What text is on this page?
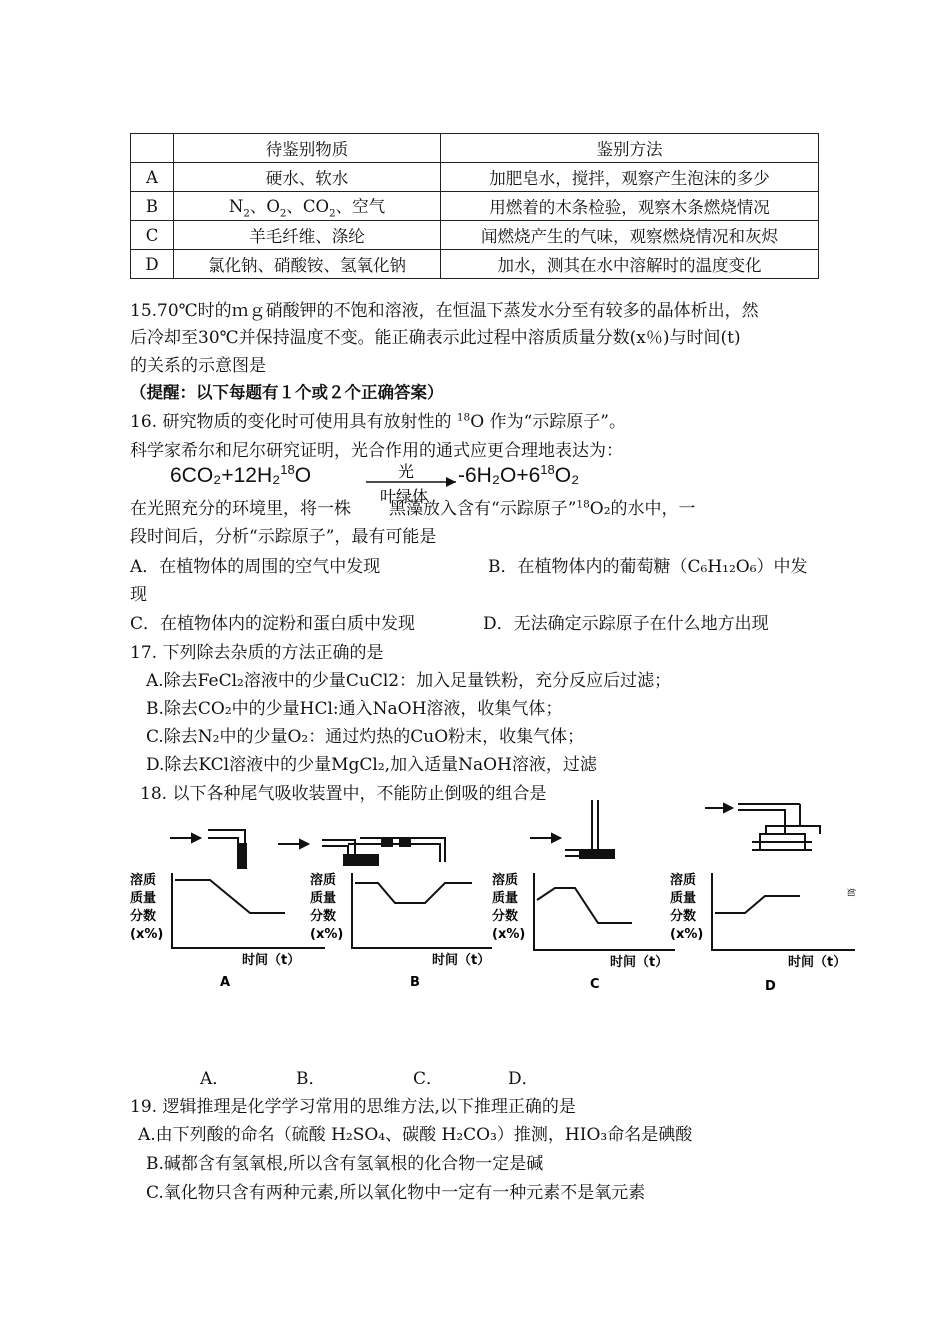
	待鉴别物质	鉴别方法
A	硬水、软水	加肥皂水，搅拌，观察产生泡沫的多少
B	$N_2$、$O_2$、$CO_2$、空气	用燃着的木条检验，观察木条燃烧情况
C	羊毛纤维、涤纶	闻燃烧产生的气味，观察燃烧情况和灰烬
D	氯化钠、硝酸铵、氢氧化钠	加水，测其在水中溶解时的温度变化
15.70℃时的ｍｇ硝酸钾的不饱和溶液，在恒温下蒸发水分至有较多的晶体析出，然
后冷却至30℃并保持温度不变。能正确表示此过程中溶质质量分数(x％)与时间(t)
的关系的示意图是
（提醒：以下每题有１个或２个正确答案）
16. 研究物质的变化时可使用具有放射性的 $^{18}$O 作为“示踪原子”。
科学家希尔和尼尔研究证明，光合作用的通式应更合理地表达为：
6CO₂+12H₂$^{18}$O	光
叶绿体
$-6H_2O+6^{18}O_2$
在光照充分的环境里，将一株 黑藻放入含有“示踪原子”$^{18}$O₂的水中，一
段时间后，分析“示踪原子”，最有可能是
A．在植物体的周围的空气中发现	B．在植物体内的葡萄糖（C₆H₁₂O₆）中发
现
C．在植物体内的淀粉和蛋白质中发现	D．无法确定示踪原子在什么地方出现
17. 下列除去杂质的方法正确的是
A.除去FeCl₂溶液中的少量CuCl2：加入足量铁粉，充分反应后过滤；
B.除去CO₂中的少量HCl:通入NaOH溶液，收集气体；
C.除去N₂中的少量O₂：通过灼热的CuO粉末，收集气体；
D.除去KCl溶液中的少量MgCl₂,加入适量NaOH溶液，过滤
18. 以下各种尾气吸收装置中，不能防止倒吸的组合是
溶质
质量
分数
(x%)
时间（t）
A
溶质
质量
分数
(x%)
时间（t）
B
溶质
质量
分数
(x%)
时间（t）
C
溶质
质量
分数
(x%)
时间（t）
D
如
A．	B．	C．	D．
19. 逻辑推理是化学学习常用的思维方法,以下推理正确的是
A.由下列酸的命名（硫酸 H₂SO₄、碳酸 H₂CO₃）推测，HIO₃命名是碘酸
B.碱都含有氢氧根,所以含有氢氧根的化合物一定是碱
C.氧化物只含有两种元素,所以氧化物中一定有一种元素不是氧元素
